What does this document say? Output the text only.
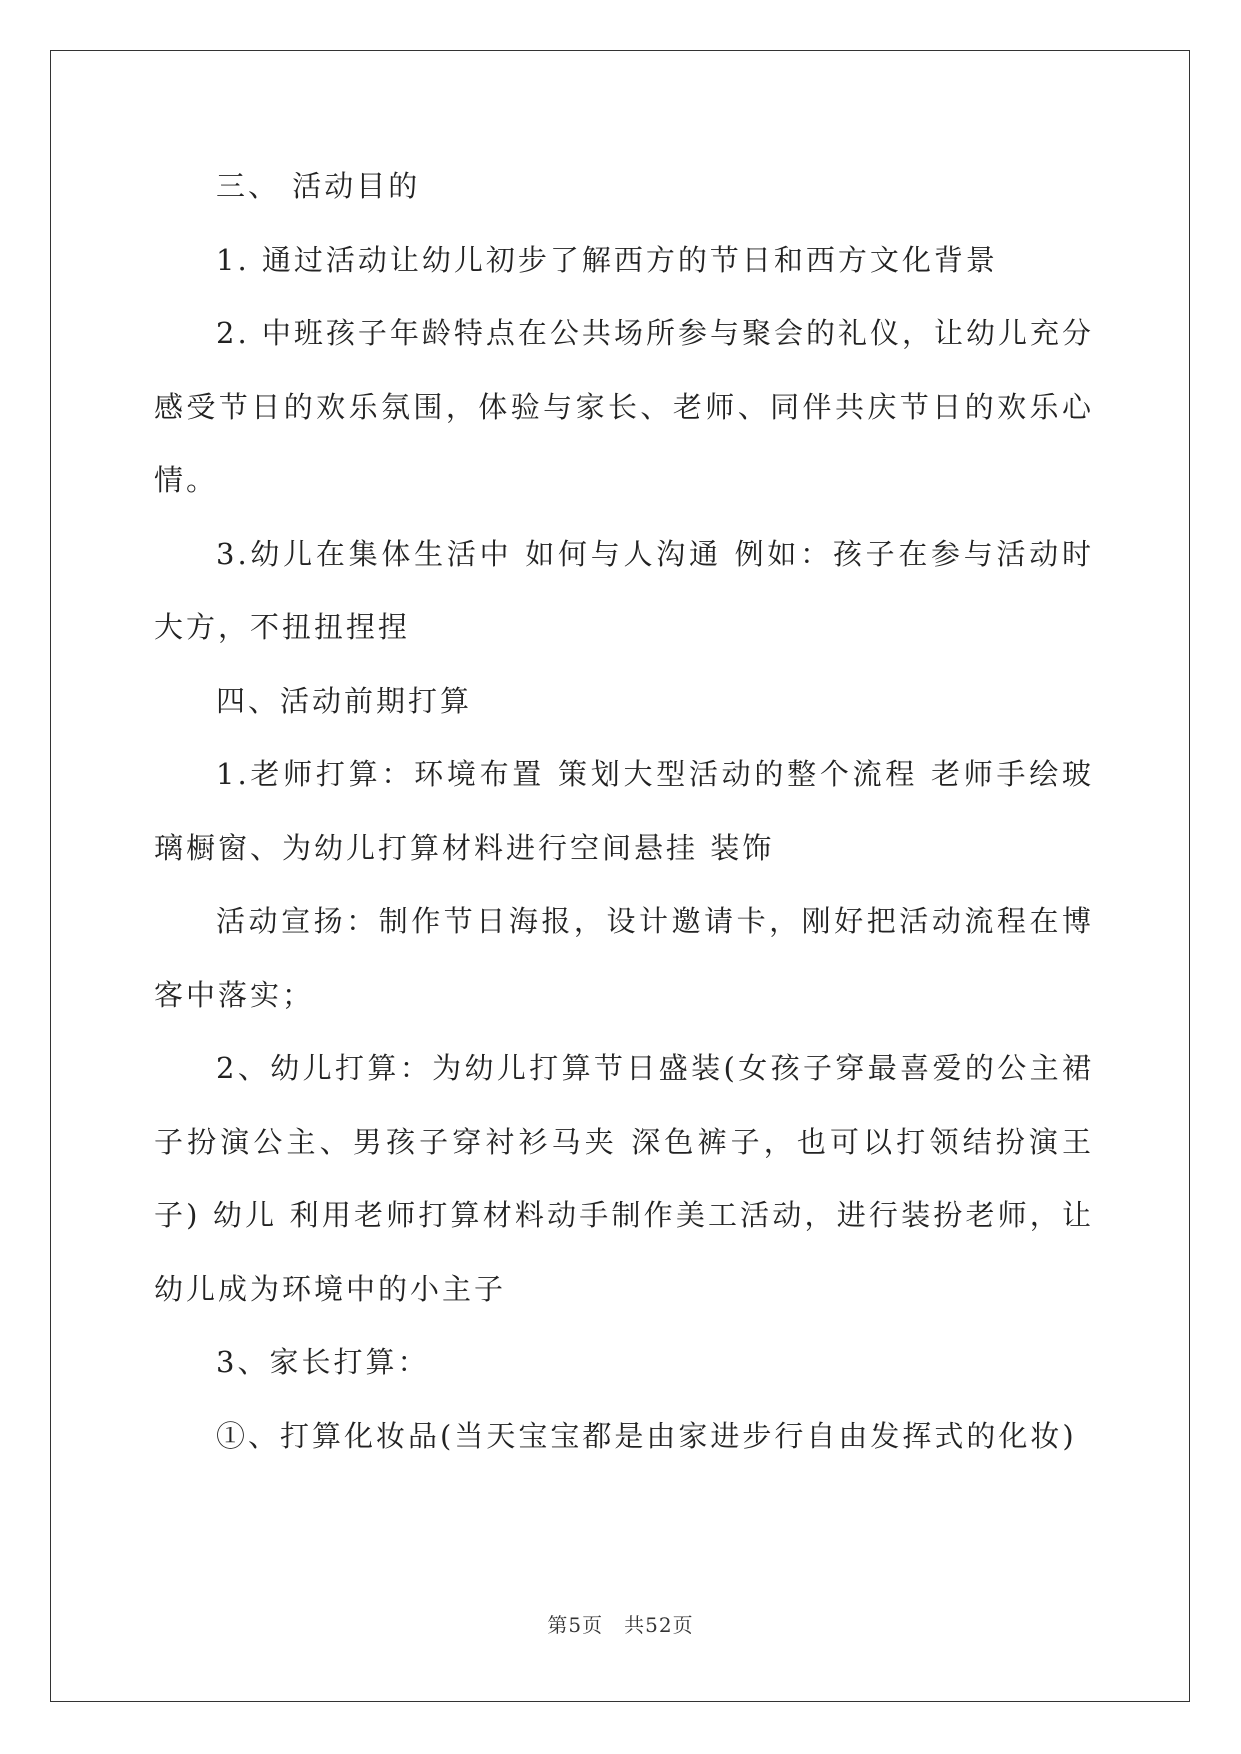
三、 活动目的

1. 通过活动让幼儿初步了解西方的节日和西方文化背景

2. 中班孩子年龄特点在公共场所参与聚会的礼仪，让幼儿充分感受节日的欢乐氛围，体验与家长、老师、同伴共庆节日的欢乐心情。

3.幼儿在集体生活中 如何与人沟通 例如：孩子在参与活动时大方，不扭扭捏捏

四、活动前期打算

1.老师打算：环境布置 策划大型活动的整个流程 老师手绘玻璃橱窗、为幼儿打算材料进行空间悬挂 装饰

活动宣扬：制作节日海报，设计邀请卡，刚好把活动流程在博客中落实；

2、幼儿打算：为幼儿打算节日盛装(女孩子穿最喜爱的公主裙子扮演公主、男孩子穿衬衫马夹 深色裤子，也可以打领结扮演王子) 幼儿 利用老师打算材料动手制作美工活动，进行装扮老师，让幼儿成为环境中的小主子

3、家长打算：

①、打算化妆品(当天宝宝都是由家进步行自由发挥式的化妆)

第5页　共52页
